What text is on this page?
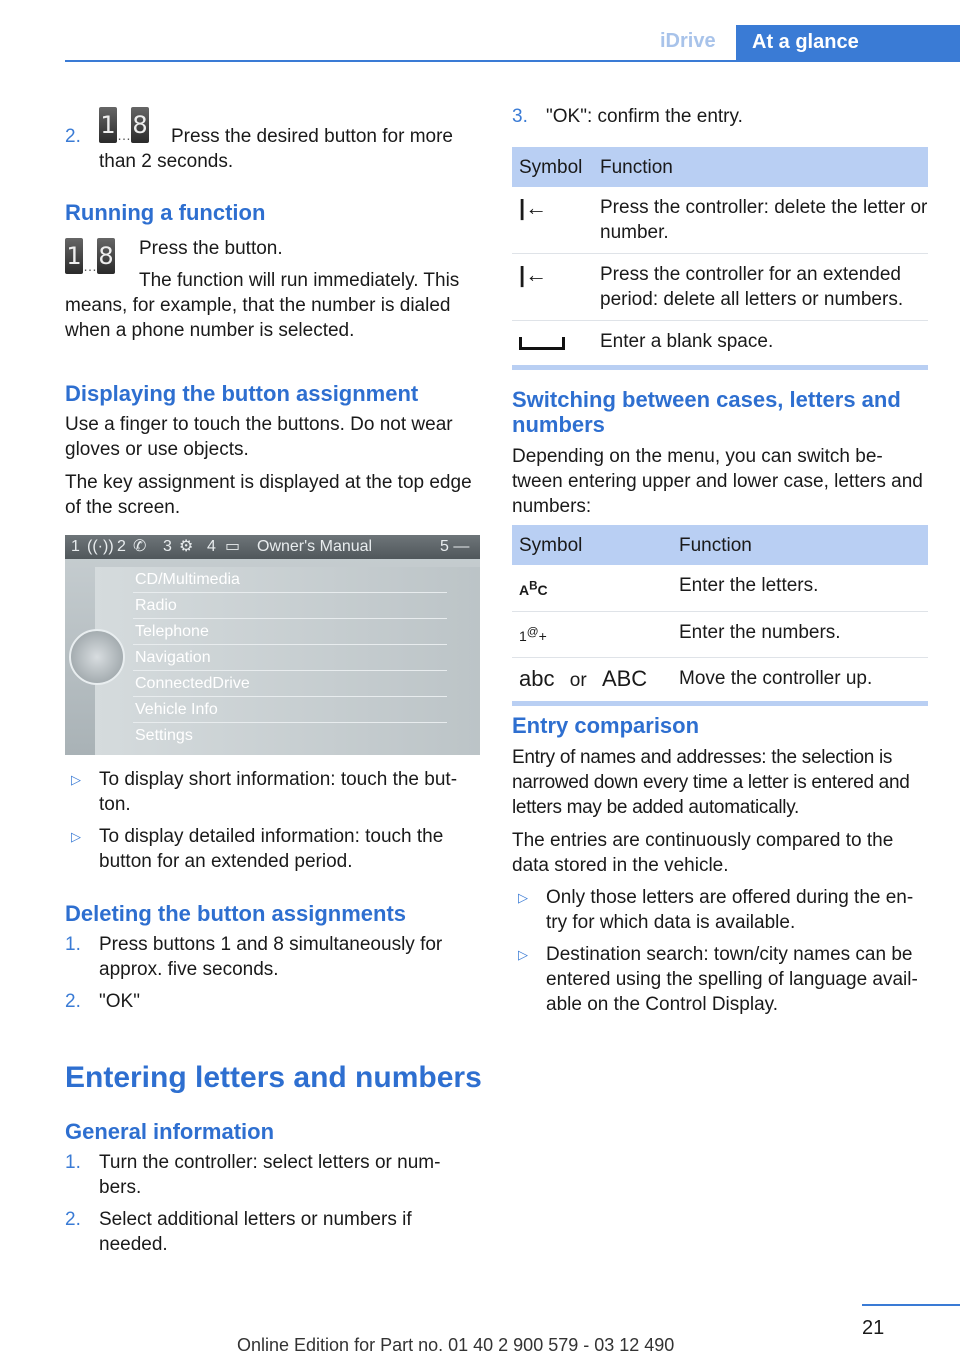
iDrive At a glance
2. 1…8	Press the desired button for more than 2 seconds.

Running a function
1…8 Press the button.

The function will run immediately. This

means, for example, that the number is dialed when a phone number is selected.

Displaying the button assignment

Use a finger to touch the buttons. Do not wear gloves or use objects.

The key assignment is displayed at the top edge of the screen.

1 ((·)) 2 ✆ 3 ⚙ 4 ▭ Owner's Manual	5 —
CD/Multimedia
Radio
Telephone
Navigation
ConnectedDrive
Vehicle Info
Settings
▷ To display short information: touch the but‐ton.

▷ To display detailed information: touch the button for an extended period.

Deleting the button assignments
1. Press buttons 1 and 8 simultaneously for approx. five seconds.

2. "OK"

Entering letters and numbers
General information
1. Turn the controller: select letters or num‐bers.

2. Select additional letters or numbers if needed.

3. "OK": confirm the entry.

Symbol	Function
|←	Press the controller: delete the letter or number.
|←	Press the controller for an extended period: delete all letters or numbers.
	Enter a blank space.
Switching between cases, letters and numbers

Depending on the menu, you can switch be‐tween entering upper and lower case, letters and numbers:

Symbol	Function
$A^BC$	Enter the letters.
1@+	Enter the numbers.
abc or ABC	Move the controller up.
Entry comparison

Entry of names and addresses: the selection is narrowed down every time a letter is entered and letters may be added automatically.

The entries are continuously compared to the data stored in the vehicle.

▷ Only those letters are offered during the en‐try for which data is available.

▷ Destination search: town/city names can be entered using the spelling of language avail‐able on the Control Display.

21
Online Edition for Part no. 01 40 2 900 579 - 03 12 490
